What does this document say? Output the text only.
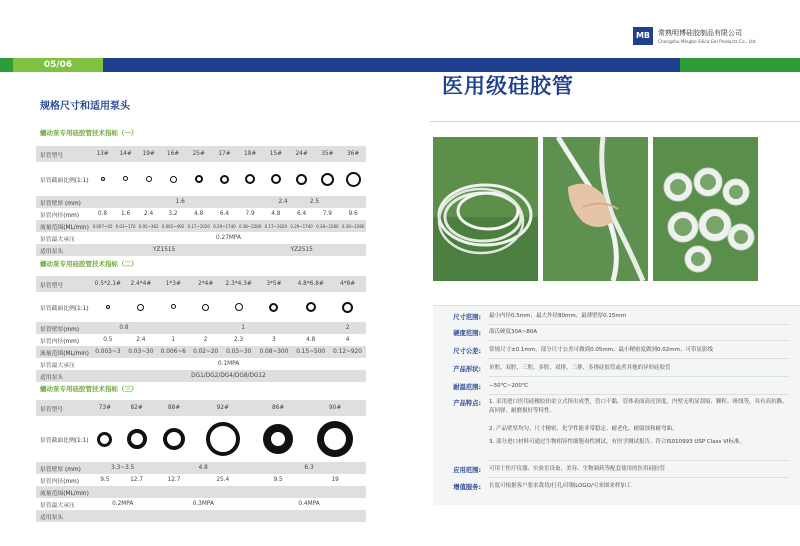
05/06
规格尺寸和适用泵头
蠕动泵专用硅胶管技术指标（一）
泵管型号	13#	14#	19#	16#	25#	17#	18#	15#	24#	35#	36#
泵管截面比例(1:1)											
泵管壁厚 (mm)	1.6				2.4				2.5		
泵管内径(mm)	0.8	1.6	2.4	3.2	4.8	6.4	7.9	4.8	6.4	7.9	9.6
流量范围(ML/min)	0.007~42	0.03~170	0.05~362	0.062~492	0.17~1020	0.29~1740	0.38~2280	0.17~1020	0.29~1740	0.38~2280	0.38~2280
泵管最大承压	0.27MPA										
适用泵头	YZ1515						YZ2515				
蠕动泵专用硅胶管技术指标（二）
泵管型号	0.5*2.1#	2.4*4#	1*3#	2*4#	2.3*4.3#	3*5#	4.8*6.8#	4*8#
泵管截面比例(1:1)								
泵管壁厚(mm)	0.8		1					2
泵管内径(mm)	0.5	2.4	1	2	2.3	3	4.8	4
流量范围(ML/min)	0.003~3	0.03~30	0.006~6	0.02~20	0.03~30	0.08~300	0.15~500	0.12~920
泵管最大承压	0.1MPA							
适用泵头	DG1/DG2/DG4/DG8/DG12							
蠕动泵专用硅胶管技术指标（三）
泵管型号	73#	82#	88#	92#	86#	90#
泵管截面比例(1:1)						
泵管壁厚 (mm)	3.3~3.5		4.8		6.3	
泵管内径(mm)	9.5	12.7	12.7	25.4	9.5	19
流量范围(ML/min)						
泵管最大承压	0.2MPA		0.3MPA		0.4MPA	
适用泵头						
MB	常熟明博硅胶制品有限公司
Changshu Mingbo Silica Gel Products Co., Ltd.
医用级硅胶管
尺寸范围: 最小内径0.5mm、最大外径80mm、最薄壁厚0.15mm
硬度范围: 邵氏硬度30A~80A
尺寸公差: 常规尺寸±0.1mm、部分尺寸公差可做到0.05mm、最小精密度做到0.02mm、可带显影线
产品形状: 单腔、双腔、三腔、多腔、双排、三排、多排硅胶管或者其他的异形硅胶管
耐温范围: −50℃~200℃
产品特点: 1. 采用进口医用硅橡胶铂金立式挤出成型，管口不黏，管体表面高亮泽度，内壁无明显刮痕、颗粒、斑线等，具有高抗撕、高回弹、耐磨损好等特性。
2. 产品壁厚均匀、尺寸精密、化学性能非常稳定、耐老化、耐腐蚀和耐弯曲。
3. 部分进口材料可通过生物相容性细胞毒性测试，有医学测试报告，符合IS010993 USP Class VI标准。
应用范围: 可用于医疗仪器、实验室设备、美容、生物制药等配套使用的医用硅胶管
增值服务: 长度可根据客户要求裁切/打孔/印制LOGO/可来图来样加工
